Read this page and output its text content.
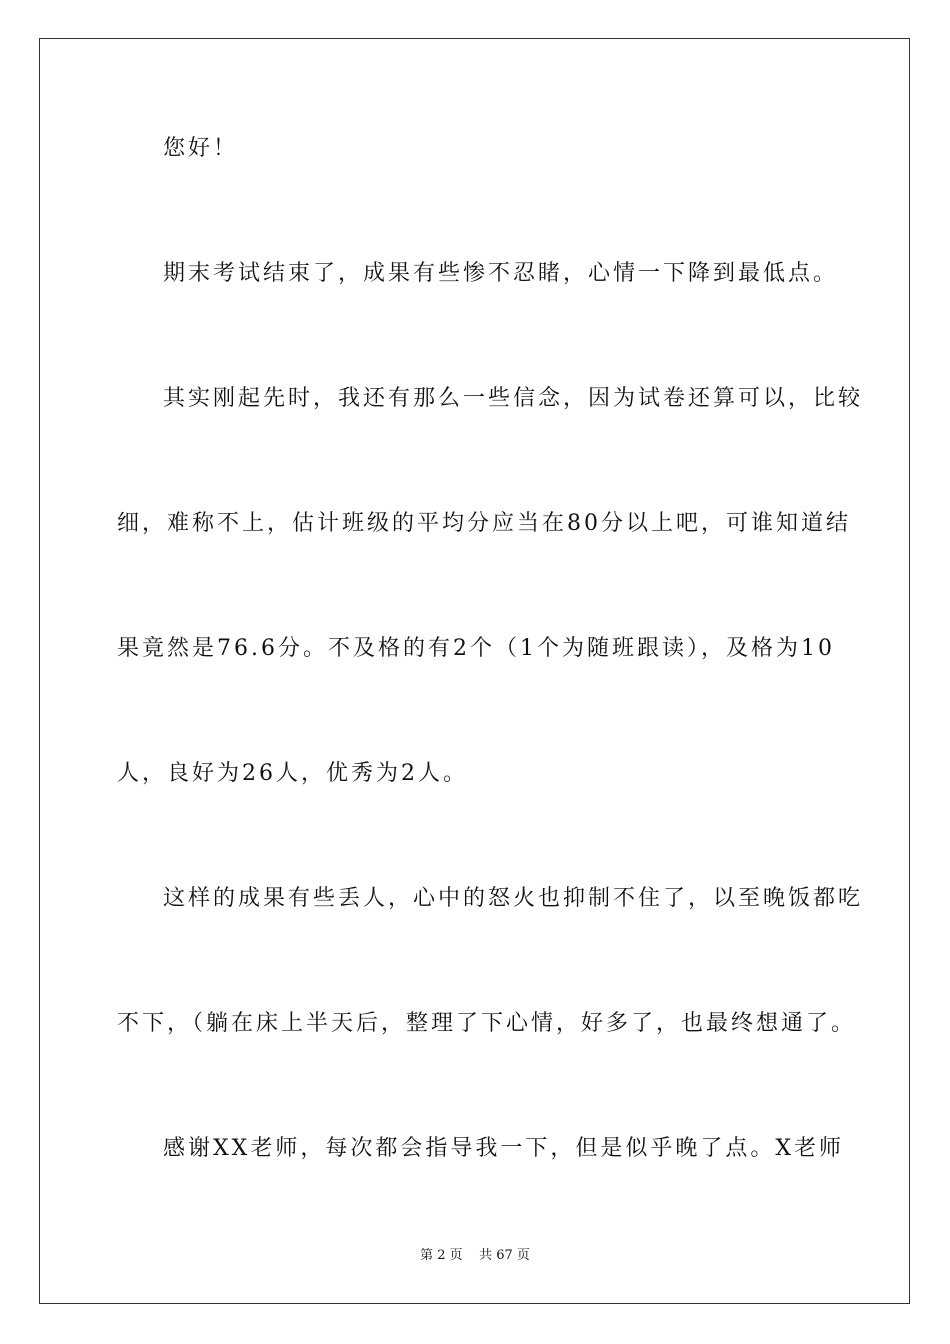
您好！

期末考试结束了，成果有些惨不忍睹，心情一下降到最低点。

其实刚起先时，我还有那么一些信念，因为试卷还算可以，比较

细，难称不上，估计班级的平均分应当在80分以上吧，可谁知道结

果竟然是76.6分。不及格的有2个（1个为随班跟读），及格为10

人，良好为26人，优秀为2人。

这样的成果有些丢人，心中的怒火也抑制不住了，以至晚饭都吃

不下，（躺在床上半天后，整理了下心情，好多了，也最终想通了。

感谢XX老师，每次都会指导我一下，但是似乎晚了点。X老师

第 2 页    共 67 页
